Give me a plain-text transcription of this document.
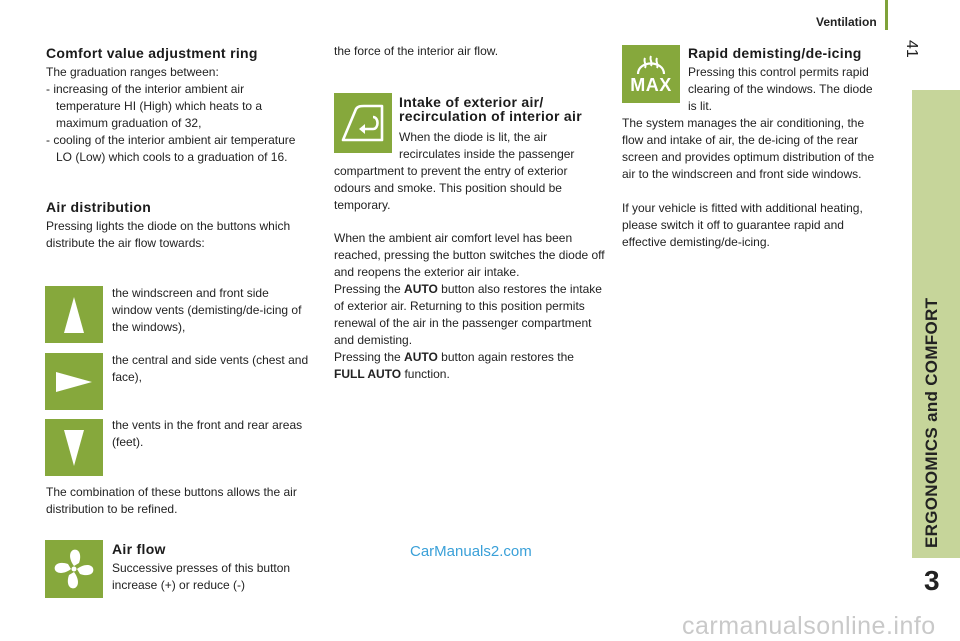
Ventilation
41
ERGONOMICS and COMFORT
3
Comfort value adjustment ring

The graduation ranges between:

- increasing of the interior ambient air temperature HI (High) which heats to a maximum graduation of 32,

- cooling of the interior ambient air temperature LO (Low) which cools to a graduation of 16.

Air distribution

Pressing lights the diode on the buttons which distribute the air flow towards:

the windscreen and front side window vents (demisting/de-icing of the windows),

the central and side vents (chest and face),

the vents in the front and rear areas (feet).

The combination of these buttons allows the air distribution to be refined.

Air flow

Successive presses of this button increase (+) or reduce (-)

the force of the interior air flow.

Intake of exterior air/
recirculation of interior air

When the diode is lit, the air

recirculates inside the passenger

compartment to prevent the entry of exterior odours and smoke. This position should be temporary.

When the ambient air comfort level has been reached, pressing the button switches the diode off and reopens the exterior air intake.

Pressing the AUTO button also restores the intake of exterior air. Returning to this position permits renewal of the air in the passenger compartment and demisting.

Pressing the AUTO button again restores the FULL AUTO function.

MAX
Rapid demisting/de-icing

Pressing this control permits rapid clearing of the windows. The diode is lit.

The system manages the air conditioning, the flow and intake of air, the de-icing of the rear screen and provides optimum distribution of the air to the windscreen and front side windows.

If your vehicle is fitted with additional heating, please switch it off to guarantee rapid and effective demisting/de-icing.

CarManuals2.com
carmanualsonline.info
